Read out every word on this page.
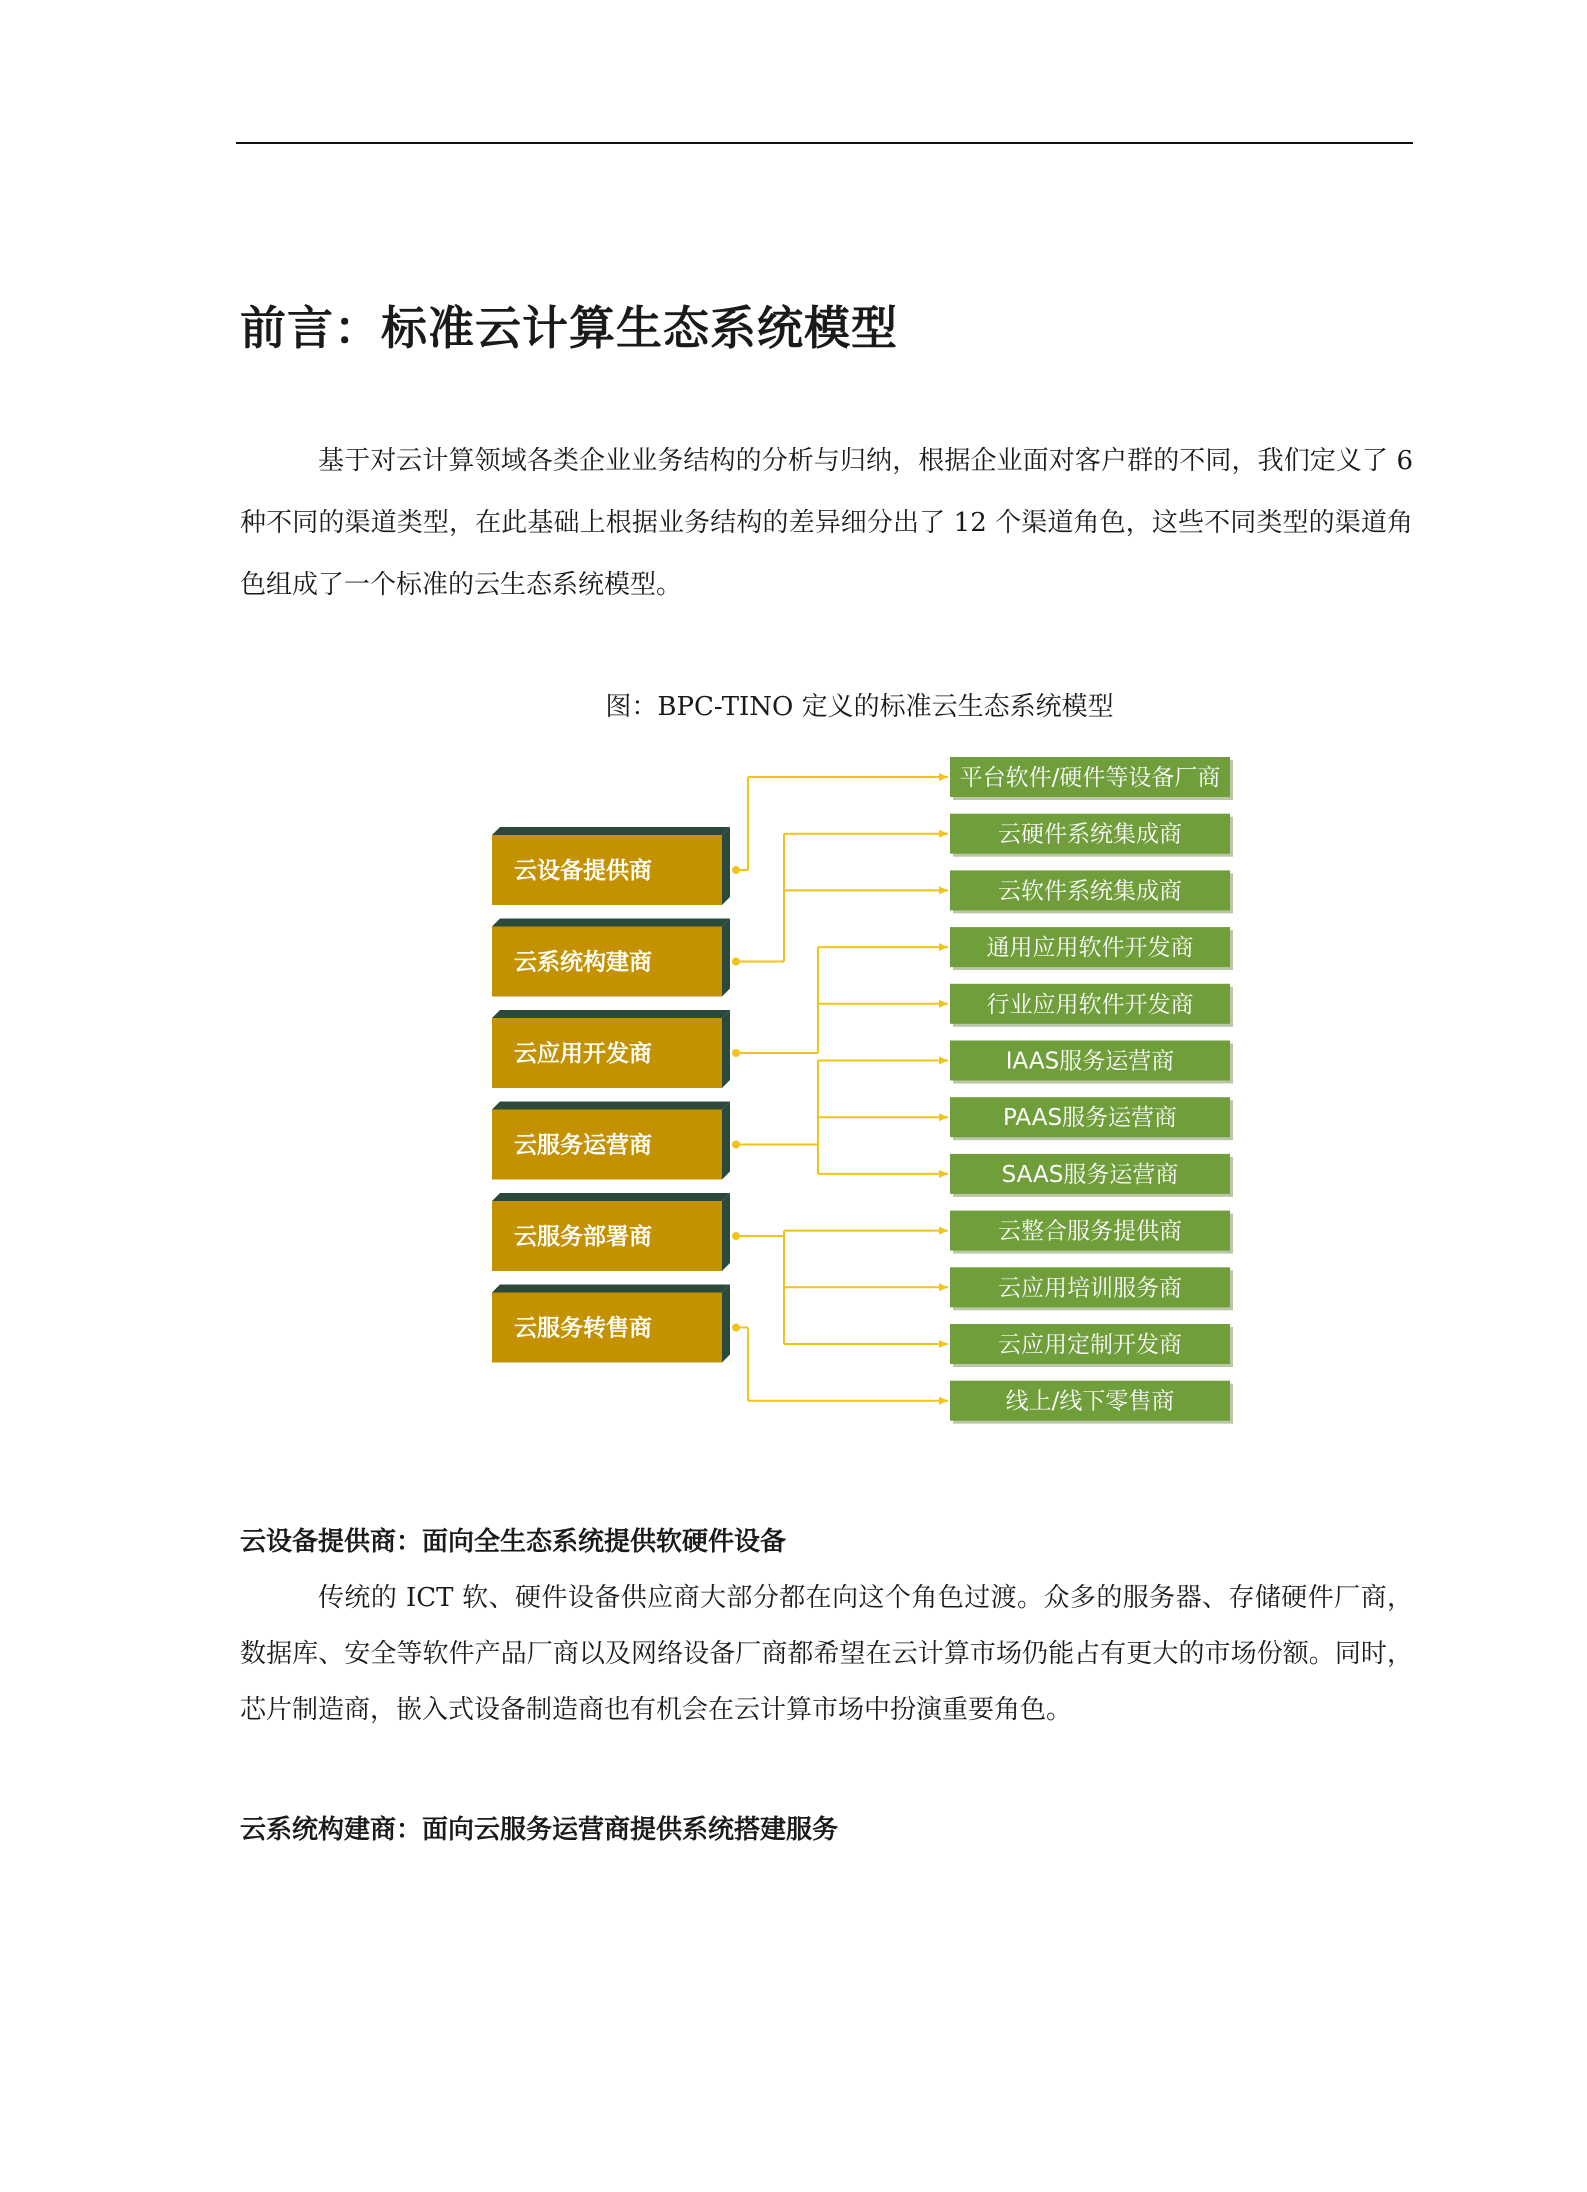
前言：标准云计算生态系统模型

基于对云计算领域各类企业业务结构的分析与归纳，根据企业面对客户群的不同，我们定义了 6 种不同的渠道类型，在此基础上根据业务结构的差异细分出了 12 个渠道角色，这些不同类型的渠道角色组成了一个标准的云生态系统模型。

图：BPC-TINO 定义的标准云生态系统模型

云设备提供商
云系统构建商
云应用开发商
云服务运营商
云服务部署商
云服务转售商
平台软件/硬件等设备厂商
云硬件系统集成商
云软件系统集成商
通用应用软件开发商
行业应用软件开发商
IAAS服务运营商
PAAS服务运营商
SAAS服务运营商
云整合服务提供商
云应用培训服务商
云应用定制开发商
线上/线下零售商

云设备提供商：面向全生态系统提供软硬件设备

传统的 ICT 软、硬件设备供应商大部分都在向这个角色过渡。众多的服务器、存储硬件厂商，数据库、安全等软件产品厂商以及网络设备厂商都希望在云计算市场仍能占有更大的市场份额。同时，芯片制造商，嵌入式设备制造商也有机会在云计算市场中扮演重要角色。

云系统构建商：面向云服务运营商提供系统搭建服务
